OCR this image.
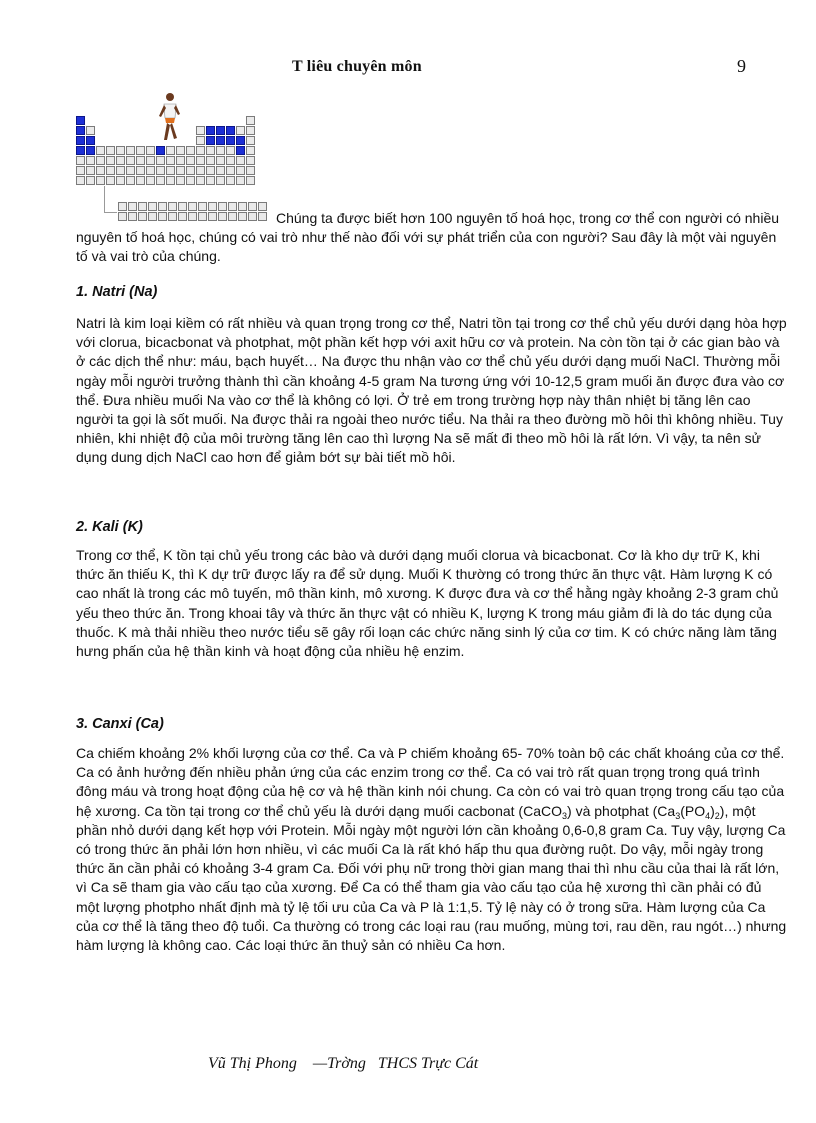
T liêu chuyên môn	9

Chúng ta được biết hơn 100 nguyên tố hoá học, trong cơ thể con người có nhiều nguyên tố hoá học, chúng có vai trò như thế nào đối với sự phát triển của con người? Sau đây là một vài nguyên tố và vai trò của chúng.

1. Natri (Na)

Natri là kim loại kiềm có rất nhiều và quan trọng trong cơ thể, Natri tồn tại trong cơ thể chủ yếu dưới dạng hòa hợp với clorua, bicacbonat và photphat, một phần kết hợp với axit hữu cơ và protein. Na còn tồn tại ở các gian bào và ở các dịch thể như: máu, bạch huyết… Na được thu nhận vào cơ thể chủ yếu dưới dạng muối NaCl. Thường mỗi ngày mỗi người trưởng thành thì cần khoảng 4-5 gram Na tương ứng với 10-12,5 gram muối ăn được đưa vào cơ thể. Đưa nhiều muối Na vào cơ thể là không có lợi. Ở trẻ em trong trường hợp này thân nhiệt bị tăng lên cao người ta gọi là sốt muối. Na được thải ra ngoài theo nước tiểu. Na thải ra theo đường mồ hôi thì không nhiều. Tuy nhiên, khi nhiệt độ của môi trường tăng lên cao thì lượng Na sẽ mất đi theo mồ hôi là rất lớn. Vì vậy, ta nên sử dụng dung dịch NaCl cao hơn để giảm bớt sự bài tiết mồ hôi.

2. Kali (K)

Trong cơ thể, K tồn tại chủ yếu trong các bào và dưới dạng muối clorua và bicacbonat. Cơ là kho dự trữ K, khi thức ăn thiếu K, thì K dự trữ được lấy ra để sử dụng. Muối K thường có trong thức ăn thực vật. Hàm lượng K có cao nhất là trong các mô tuyến, mô thần kinh, mô xương. K được đưa và cơ thể hằng ngày khoảng 2-3 gram chủ yếu theo thức ăn. Trong khoai tây và thức ăn thực vật có nhiều K, lượng K trong máu giảm đi là do tác dụng của thuốc. K mà thải nhiều theo nước tiểu sẽ gây rối loạn các chức năng sinh lý của cơ tim. K có chức năng làm tăng hưng phấn của hệ thần kinh và hoạt động của nhiều hệ enzim.

3. Canxi (Ca)

Ca chiếm khoảng 2% khối lượng của cơ thể. Ca và P chiếm khoảng 65- 70% toàn bộ các chất khoáng của cơ thể. Ca có ảnh hưởng đến nhiều phản ứng của các enzim trong cơ thể. Ca có vai trò rất quan trọng trong quá trình đông máu và trong hoạt động của hệ cơ và hệ thần kinh nói chung. Ca còn có vai trò quan trọng trong cấu tạo của hệ xương. Ca tồn tại trong cơ thể chủ yếu là dưới dạng muối cacbonat (CaCO$_3$) và photphat $(Ca_3(PO_4)_2)$, một phần nhỏ dưới dạng kết hợp với Protein. Mỗi ngày một người lớn cần khoảng 0,6-0,8 gram Ca. Tuy vậy, lượng Ca có trong thức ăn phải lớn hơn nhiều, vì các muối Ca là rất khó hấp thu qua đường ruột. Do vậy, mỗi ngày trong thức ăn cần phải có khoảng 3-4 gram Ca. Đối với phụ nữ trong thời gian mang thai thì nhu cầu của thai là rất lớn, vì Ca sẽ tham gia vào cấu tạo của xương. Để Ca có thể tham gia vào cấu tạo của hệ xương thì cần phải có đủ một lượng photpho nhất định mà tỷ lệ tối ưu của Ca và P là 1:1,5. Tỷ lệ này có ở trong sữa. Hàm lượng của Ca của cơ thể là tăng theo độ tuổi. Ca thường có trong các loại rau (rau muống, mùng tơi, rau dền, rau ngót…) nhưng hàm lượng là không cao. Các loại thức ăn thuỷ sản có nhiều Ca hơn.

Vũ Thị Phong    —Trờng   THCS Trực Cát
